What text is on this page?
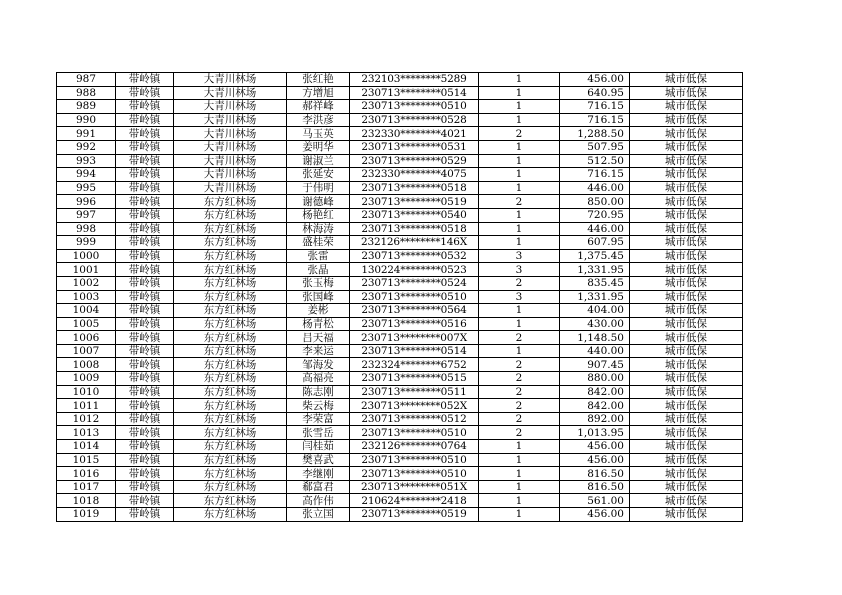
987	带岭镇	大青川林场	张红艳	232103********5289	1	456.00	城市低保
988	带岭镇	大青川林场	方增旭	230713********0514	1	640.95	城市低保
989	带岭镇	大青川林场	郝祥峰	230713********0510	1	716.15	城市低保
990	带岭镇	大青川林场	李洪彦	230713********0528	1	716.15	城市低保
991	带岭镇	大青川林场	马玉英	232330********4021	2	1,288.50	城市低保
992	带岭镇	大青川林场	姜明华	230713********0531	1	507.95	城市低保
993	带岭镇	大青川林场	谢淑兰	230713********0529	1	512.50	城市低保
994	带岭镇	大青川林场	张延安	232330********4075	1	716.15	城市低保
995	带岭镇	大青川林场	于伟明	230713********0518	1	446.00	城市低保
996	带岭镇	东方红林场	谢德峰	230713********0519	2	850.00	城市低保
997	带岭镇	东方红林场	杨艳红	230713********0540	1	720.95	城市低保
998	带岭镇	东方红林场	林海涛	230713********0518	1	446.00	城市低保
999	带岭镇	东方红林场	盛桂荣	232126********146X	1	607.95	城市低保
1000	带岭镇	东方红林场	张雷	230713********0532	3	1,375.45	城市低保
1001	带岭镇	东方红林场	张晶	130224********0523	3	1,331.95	城市低保
1002	带岭镇	东方红林场	张玉梅	230713********0524	2	835.45	城市低保
1003	带岭镇	东方红林场	张国峰	230713********0510	3	1,331.95	城市低保
1004	带岭镇	东方红林场	姜彬	230713********0564	1	404.00	城市低保
1005	带岭镇	东方红林场	杨青松	230713********0516	1	430.00	城市低保
1006	带岭镇	东方红林场	吕天福	230713********007X	2	1,148.50	城市低保
1007	带岭镇	东方红林场	李来运	230713********0514	1	440.00	城市低保
1008	带岭镇	东方红林场	邹海发	232324********6752	2	907.45	城市低保
1009	带岭镇	东方红林场	高福亮	230713********0515	2	880.00	城市低保
1010	带岭镇	东方红林场	陈志刚	230713********0511	2	842.00	城市低保
1011	带岭镇	东方红林场	柴云梅	230713********052X	2	842.00	城市低保
1012	带岭镇	东方红林场	李荣富	230713********0512	2	892.00	城市低保
1013	带岭镇	东方红林场	张雪岳	230713********0510	2	1,013.95	城市低保
1014	带岭镇	东方红林场	闫桂茹	232126********0764	1	456.00	城市低保
1015	带岭镇	东方红林场	樊喜武	230713********0510	1	456.00	城市低保
1016	带岭镇	东方红林场	李继刚	230713********0510	1	816.50	城市低保
1017	带岭镇	东方红林场	郗富君	230713********051X	1	816.50	城市低保
1018	带岭镇	东方红林场	高作伟	210624********2418	1	561.00	城市低保
1019	带岭镇	东方红林场	张立国	230713********0519	1	456.00	城市低保
